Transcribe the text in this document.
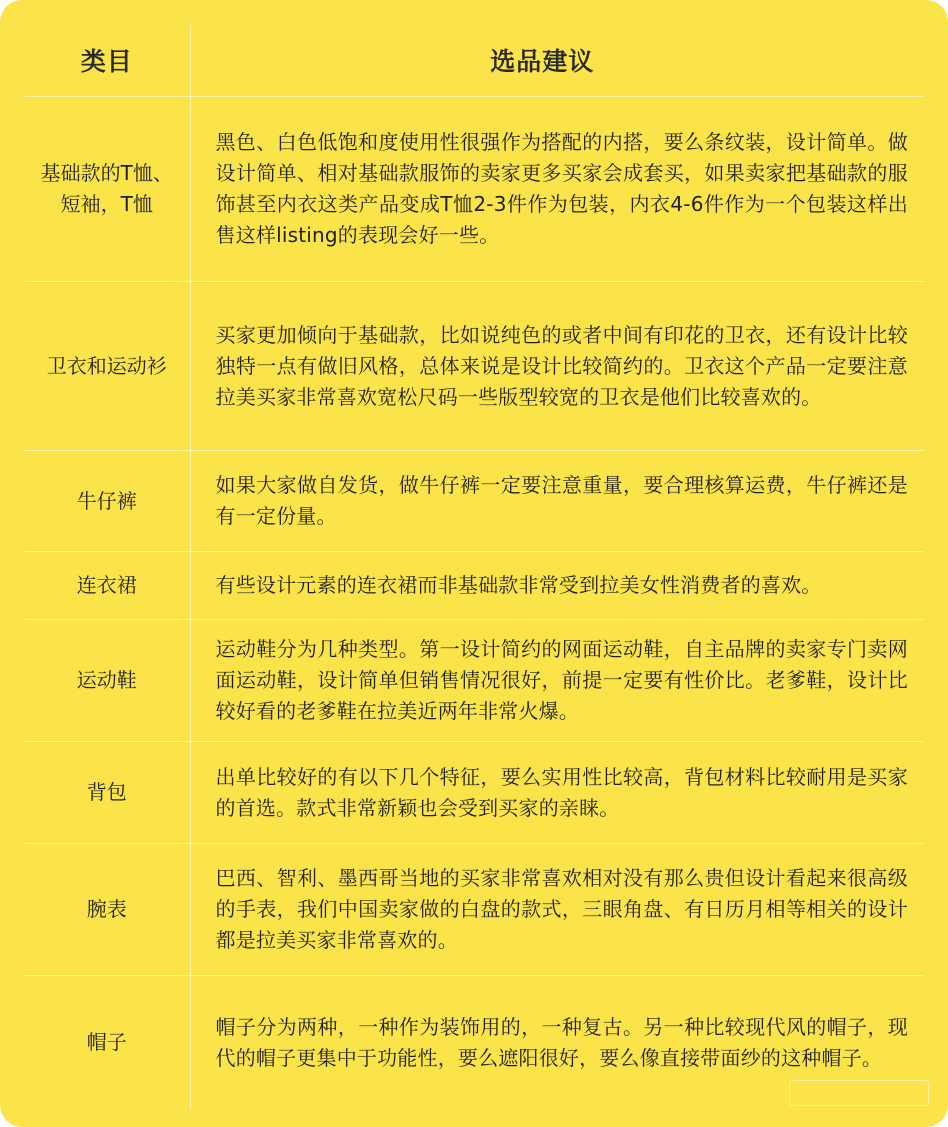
类目	选品建议
基础款的T恤、短袖，T恤	黑色、白色低饱和度使用性很强作为搭配的内搭，要么条纹装，设计简单。做设计简单、相对基础款服饰的卖家更多买家会成套买，如果卖家把基础款的服饰甚至内衣这类产品变成T恤2-3件作为包装，内衣4-6件作为一个包装这样出售这样listing的表现会好一些。
卫衣和运动衫	买家更加倾向于基础款，比如说纯色的或者中间有印花的卫衣，还有设计比较独特一点有做旧风格，总体来说是设计比较简约的。卫衣这个产品一定要注意拉美买家非常喜欢宽松尺码一些版型较宽的卫衣是他们比较喜欢的。
牛仔裤	如果大家做自发货，做牛仔裤一定要注意重量，要合理核算运费，牛仔裤还是有一定份量。
连衣裙	有些设计元素的连衣裙而非基础款非常受到拉美女性消费者的喜欢。
运动鞋	运动鞋分为几种类型。第一设计简约的网面运动鞋，自主品牌的卖家专门卖网面运动鞋，设计简单但销售情况很好，前提一定要有性价比。老爹鞋，设计比较好看的老爹鞋在拉美近两年非常火爆。
背包	出单比较好的有以下几个特征，要么实用性比较高，背包材料比较耐用是买家的首选。款式非常新颖也会受到买家的亲睐。
腕表	巴西、智利、墨西哥当地的买家非常喜欢相对没有那么贵但设计看起来很高级的手表，我们中国卖家做的白盘的款式，三眼角盘、有日历月相等相关的设计都是拉美买家非常喜欢的。
帽子	帽子分为两种，一种作为装饰用的，一种复古。另一种比较现代风的帽子，现代的帽子更集中于功能性，要么遮阳很好，要么像直接带面纱的这种帽子。
